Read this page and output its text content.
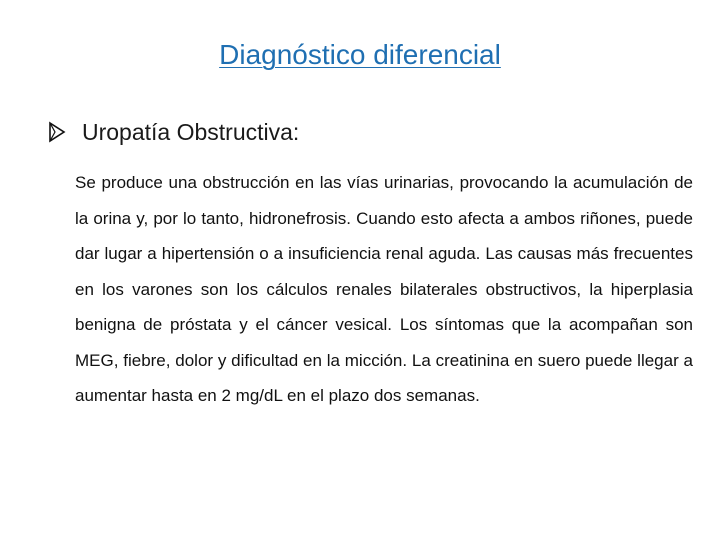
Diagnóstico diferencial
Uropatía Obstructiva:

Se produce una obstrucción en las vías urinarias, provocando la acumulación de la orina y, por lo tanto, hidronefrosis. Cuando esto afecta a ambos riñones, puede dar lugar a hipertensión o a insuficiencia renal aguda. Las causas más frecuentes en los varones son los cálculos renales bilaterales obstructivos, la hiperplasia benigna de próstata y el cáncer vesical. Los síntomas que la acompañan son MEG, fiebre, dolor y dificultad en la micción. La creatinina en suero puede llegar a aumentar hasta en 2 mg/dL en el plazo dos semanas.
